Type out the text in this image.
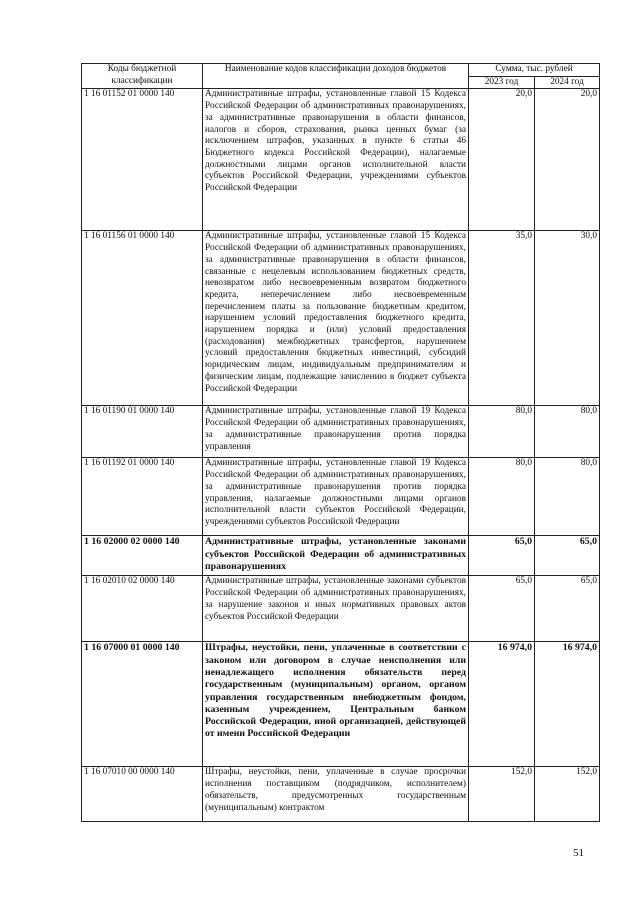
Коды бюджетной классификации	Наименование кодов классификации доходов бюджетов	Сумма, тыс. рублей	
		2023 год	2024 год
1 16 01152 01 0000 140	Административные штрафы, установленные главой 15 Кодекса Российской Федерации об административных правонарушениях, за административные правонарушения в области финансов, налогов и сборов, страхования, рынка ценных бумаг (за исключением штрафов, указанных в пункте 6 статьи 46 Бюджетного кодекса Российской Федерации), налагаемые должностными лицами органов исполнительной власти субъектов Российской Федерации, учреждениями субъектов Российской Федерации	20,0	20,0
1 16 01156 01 0000 140	Административные штрафы, установленные главой 15 Кодекса Российской Федерации об административных правонарушениях, за административные правонарушения в области финансов, связанные с нецелевым использованием бюджетных средств, невозвратом либо несвоевременным возвратом бюджетного кредита, неперечислением либо несвоевременным перечислением платы за пользование бюджетным кредитом, нарушением условий предоставления бюджетного кредита, нарушением порядка и (или) условий предоставления (расходования) межбюджетных трансфертов, нарушением условий предоставления бюджетных инвестиций, субсидий юридическим лицам, индивидуальным предпринимателям и физическим лицам, подлежащие зачислению в бюджет субъекта Российской Федерации	35,0	30,0
1 16 01190 01 0000 140	Административные штрафы, установленные главой 19 Кодекса Российской Федерации об административных правонарушениях, за административные правонарушения против порядка управления	80,0	80,0
1 16 01192 01 0000 140	Административные штрафы, установленные главой 19 Кодекса Российской Федерации об административных правонарушениях, за административные правонарушения против порядка управления, налагаемые должностными лицами органов исполнительной власти субъектов Российской Федерации, учреждениями субъектов Российской Федерации	80,0	80,0
1 16 02000 02 0000 140	Административные штрафы, установленные законами субъектов Российской Федерации об административных правонарушениях	65,0	65,0
1 16 02010 02 0000 140	Административные штрафы, установленные законами субъектов Российской Федерации об административных правонарушениях, за нарушение законов и иных нормативных правовых актов субъектов Российской Федерации	65,0	65,0
1 16 07000 01 0000 140	Штрафы, неустойки, пени, уплаченные в соответствии с законом или договором в случае неисполнения или ненадлежащего исполнения обязательств перед государственным (муниципальным) органом, органом управления государственным внебюджетным фондом, казенным учреждением, Центральным банком Российской Федерации, иной организацией, действующей от имени Российской Федерации	16 974,0	16 974,0
1 16 07010 00 0000 140	Штрафы, неустойки, пени, уплаченные в случае просрочки исполнения поставщиком (подрядчиком, исполнителем) обязательств, предусмотренных государственным (муниципальным) контрактом	152,0	152,0
51
